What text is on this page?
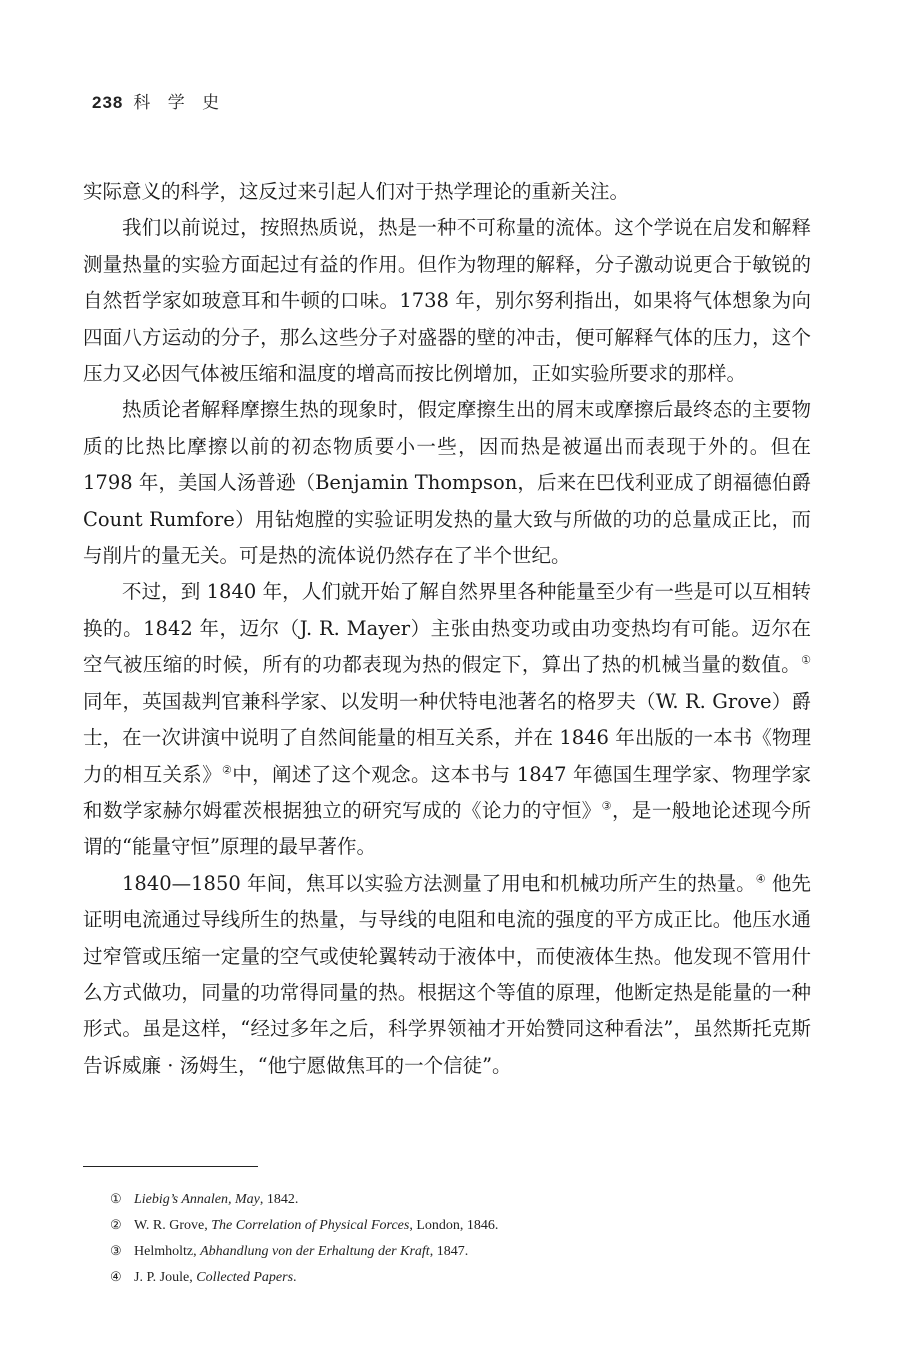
238 科 学 史

实际意义的科学，这反过来引起人们对于热学理论的重新关注。

我们以前说过，按照热质说，热是一种不可称量的流体。这个学说在启发和解释测量热量的实验方面起过有益的作用。但作为物理的解释，分子激动说更合于敏锐的自然哲学家如玻意耳和牛顿的口味。1738 年，别尔努利指出，如果将气体想象为向四面八方运动的分子，那么这些分子对盛器的壁的冲击，便可解释气体的压力，这个压力又必因气体被压缩和温度的增高而按比例增加，正如实验所要求的那样。

热质论者解释摩擦生热的现象时，假定摩擦生出的屑末或摩擦后最终态的主要物质的比热比摩擦以前的初态物质要小一些，因而热是被逼出而表现于外的。但在 1798 年，美国人汤普逊（Benjamin Thompson，后来在巴伐利亚成了朗福德伯爵Count Rumfore）用钻炮膛的实验证明发热的量大致与所做的功的总量成正比，而与削片的量无关。可是热的流体说仍然存在了半个世纪。

不过，到 1840 年，人们就开始了解自然界里各种能量至少有一些是可以互相转换的。1842 年，迈尔（J. R. Mayer）主张由热变功或由功变热均有可能。迈尔在空气被压缩的时候，所有的功都表现为热的假定下，算出了热的机械当量的数值。①同年，英国裁判官兼科学家、以发明一种伏特电池著名的格罗夫（W. R. Grove）爵士，在一次讲演中说明了自然间能量的相互关系，并在 1846 年出版的一本书《物理力的相互关系》②中，阐述了这个观念。这本书与 1847 年德国生理学家、物理学家和数学家赫尔姆霍茨根据独立的研究写成的《论力的守恒》③，是一般地论述现今所谓的“能量守恒”原理的最早著作。

1840—1850 年间，焦耳以实验方法测量了用电和机械功所产生的热量。④ 他先证明电流通过导线所生的热量，与导线的电阻和电流的强度的平方成正比。他压水通过窄管或压缩一定量的空气或使轮翼转动于液体中，而使液体生热。他发现不管用什么方式做功，同量的功常得同量的热。根据这个等值的原理，他断定热是能量的一种形式。虽是这样，“经过多年之后，科学界领袖才开始赞同这种看法”，虽然斯托克斯告诉威廉 · 汤姆生，“他宁愿做焦耳的一个信徒”。

① Liebig’s Annalen, May, 1842.
② W. R. Grove, The Correlation of Physical Forces, London, 1846.
③ Helmholtz, Abhandlung von der Erhaltung der Kraft, 1847.
④ J. P. Joule, Collected Papers.
